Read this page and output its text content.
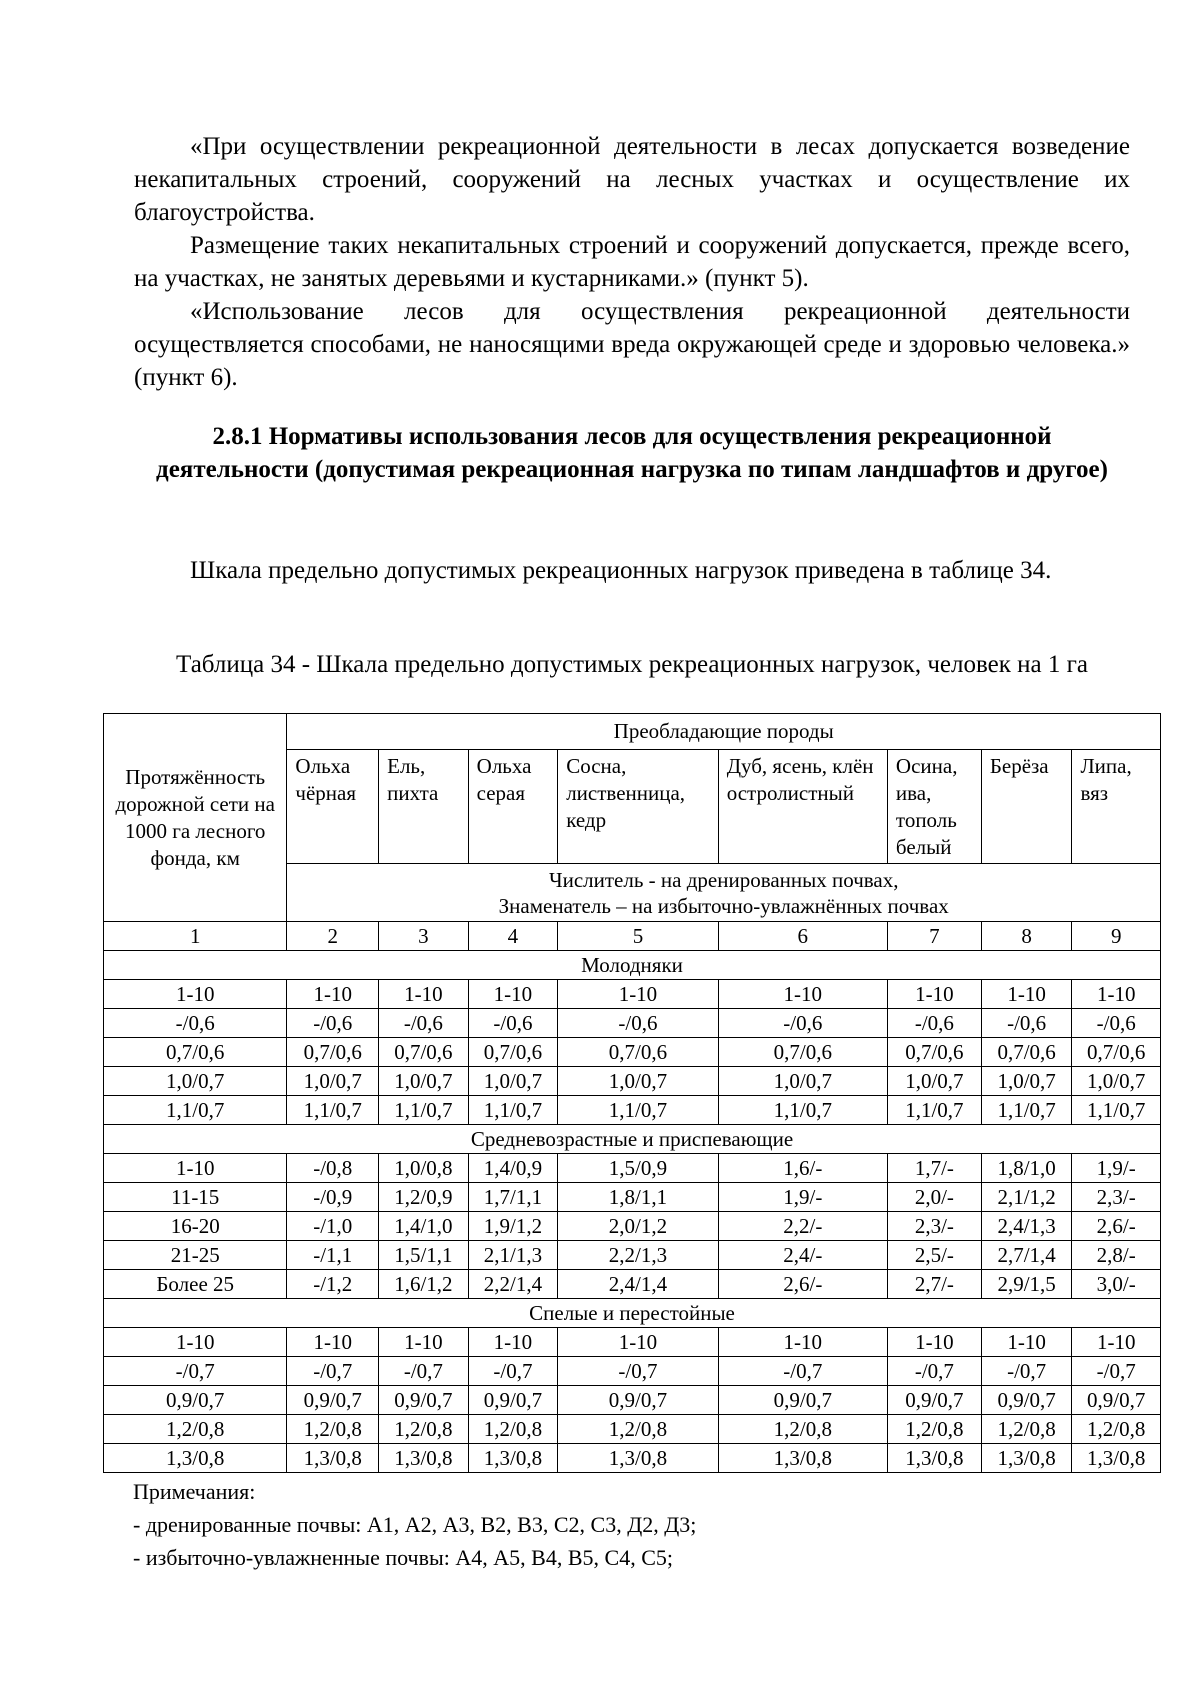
«При осуществлении рекреационной деятельности в лесах допускается возведение некапитальных строений, сооружений на лесных участках и осуществление их благоустройства.

Размещение таких некапитальных строений и сооружений допускается, прежде всего, на участках, не занятых деревьями и кустарниками.» (пункт 5).

«Использование лесов для осуществления рекреационной деятельности осуществляется способами, не наносящими вреда окружающей среде и здоровью человека.» (пункт 6).

2.8.1 Нормативы использования лесов для осуществления рекреационной деятельности (допустимая рекреационная нагрузка по типам ландшафтов и другое)

Шкала предельно допустимых рекреационных нагрузок приведена в таблице 34.

Таблица 34 - Шкала предельно допустимых рекреационных нагрузок, человек на 1 га

Протяжённость дорожной сети на 1000 га лесного фонда, км	Преобладающие породы							
	Ольха чёрная	Ель, пихта	Ольха серая	Сосна, лиственница, кедр	Дуб, ясень, клён остролистный	Осина, ива, тополь белый	Берёза	Липа, вяз

	Числитель - на дренированных почвах,
Знаменатель – на избыточно-увлажнённых почвах							

1	2	3	4	5	6	7	8	9
Молодняки								
1-10	1-10	1-10	1-10	1-10	1-10	1-10	1-10	1-10
-/0,6	-/0,6	-/0,6	-/0,6	-/0,6	-/0,6	-/0,6	-/0,6	-/0,6
0,7/0,6	0,7/0,6	0,7/0,6	0,7/0,6	0,7/0,6	0,7/0,6	0,7/0,6	0,7/0,6	0,7/0,6
1,0/0,7	1,0/0,7	1,0/0,7	1,0/0,7	1,0/0,7	1,0/0,7	1,0/0,7	1,0/0,7	1,0/0,7
1,1/0,7	1,1/0,7	1,1/0,7	1,1/0,7	1,1/0,7	1,1/0,7	1,1/0,7	1,1/0,7	1,1/0,7
Средневозрастные и приспевающие								
1-10	-/0,8	1,0/0,8	1,4/0,9	1,5/0,9	1,6/-	1,7/-	1,8/1,0	1,9/-
11-15	-/0,9	1,2/0,9	1,7/1,1	1,8/1,1	1,9/-	2,0/-	2,1/1,2	2,3/-
16-20	-/1,0	1,4/1,0	1,9/1,2	2,0/1,2	2,2/-	2,3/-	2,4/1,3	2,6/-
21-25	-/1,1	1,5/1,1	2,1/1,3	2,2/1,3	2,4/-	2,5/-	2,7/1,4	2,8/-
Более 25	-/1,2	1,6/1,2	2,2/1,4	2,4/1,4	2,6/-	2,7/-	2,9/1,5	3,0/-
Спелые и перестойные								
1-10	1-10	1-10	1-10	1-10	1-10	1-10	1-10	1-10
-/0,7	-/0,7	-/0,7	-/0,7	-/0,7	-/0,7	-/0,7	-/0,7	-/0,7
0,9/0,7	0,9/0,7	0,9/0,7	0,9/0,7	0,9/0,7	0,9/0,7	0,9/0,7	0,9/0,7	0,9/0,7
1,2/0,8	1,2/0,8	1,2/0,8	1,2/0,8	1,2/0,8	1,2/0,8	1,2/0,8	1,2/0,8	1,2/0,8
1,3/0,8	1,3/0,8	1,3/0,8	1,3/0,8	1,3/0,8	1,3/0,8	1,3/0,8	1,3/0,8	1,3/0,8
Примечания:
- дренированные почвы: А1, А2, А3, В2, В3, С2, С3, Д2, Д3;
- избыточно-увлажненные почвы: А4, А5, В4, В5, С4, С5;
